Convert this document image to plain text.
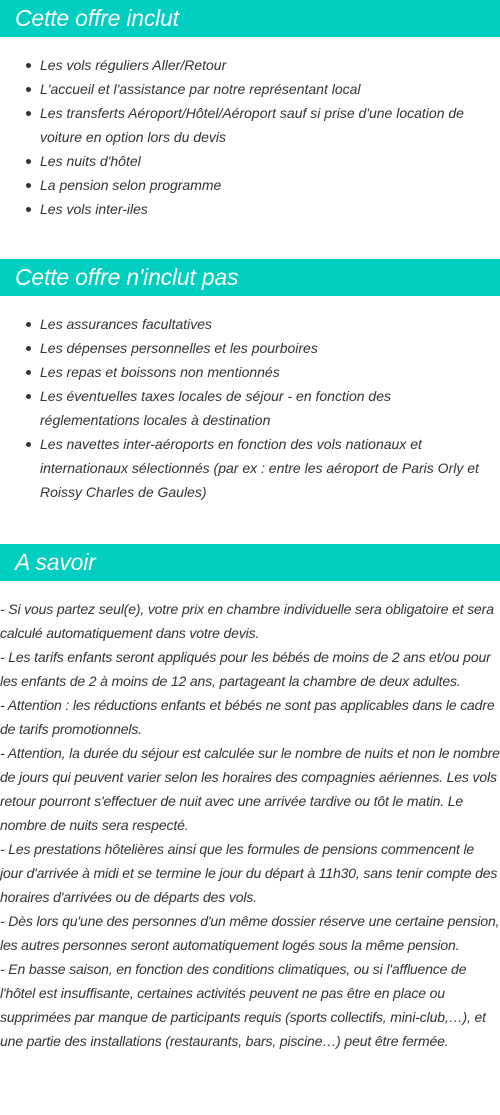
Cette offre inclut
Les vols réguliers Aller/Retour
L'accueil et l'assistance par notre représentant local
Les transferts Aéroport/Hôtel/Aéroport sauf si prise d'une location de voiture en option lors du devis
Les nuits d'hôtel
La pension selon programme
Les vols inter-iles
Cette offre n'inclut pas
Les assurances facultatives
Les dépenses personnelles et les pourboires
Les repas et boissons non mentionnés
Les éventuelles taxes locales de séjour - en fonction des réglementations locales à destination
Les navettes inter-aéroports en fonction des vols nationaux et internationaux sélectionnés (par ex : entre les aéroport de Paris Orly et Roissy Charles de Gaules)
A savoir

- Si vous partez seul(e), votre prix en chambre individuelle sera obligatoire et sera calculé automatiquement dans votre devis.

- Les tarifs enfants seront appliqués pour les bébés de moins de 2 ans et/ou pour les enfants de 2 à moins de 12 ans, partageant la chambre de deux adultes.

- Attention : les réductions enfants et bébés ne sont pas applicables dans le cadre de tarifs promotionnels.

- Attention, la durée du séjour est calculée sur le nombre de nuits et non le nombre de jours qui peuvent varier selon les horaires des compagnies aériennes. Les vols retour pourront s'effectuer de nuit avec une arrivée tardive ou tôt le matin. Le nombre de nuits sera respecté.

- Les prestations hôtelières ainsi que les formules de pensions commencent le jour d'arrivée à midi et se termine le jour du départ à 11h30, sans tenir compte des horaires d'arrivées ou de départs des vols.

- Dès lors qu'une des personnes d'un même dossier réserve une certaine pension, les autres personnes seront automatiquement logés sous la même pension.

- En basse saison, en fonction des conditions climatiques, ou si l'affluence de l'hôtel est insuffisante, certaines activités peuvent ne pas être en place ou supprimées par manque de participants requis (sports collectifs, mini-club,…), et une partie des installations (restaurants, bars, piscine…) peut être fermée.
